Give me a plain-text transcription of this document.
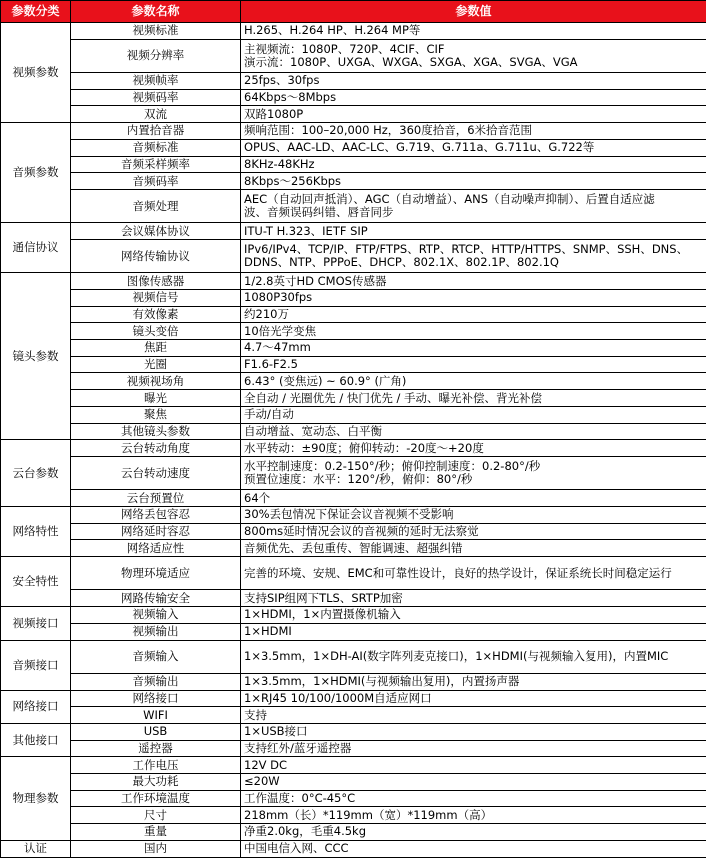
参数分类	参数名称	参数值
视频参数	视频标准	H.265、H.264 HP、H.264 MP等

	视频分辨率	主视频流：1080P、720P、4CIF、CIF
演示流：1080P、UXGA、WXGA、SXGA、XGA、SVGA、VGA

	视频帧率	25fps、30fps

	视频码率	64Kbps～8Mbps

	双流	双路1080P

音频参数	内置拾音器	频响范围：100–20,000 Hz，360度拾音，6米拾音范围

	音频标准	OPUS、AAC-LD、AAC-LC、G.719、G.711a、G.711u、G.722等

	音频采样频率	8KHz-48KHz

	音频码率	8Kbps～256Kbps

	音频处理	AEC（自动回声抵消）、AGC（自动增益）、ANS（自动噪声抑制）、后置自适应滤
波、音频误码纠错、唇音同步

通信协议	会议媒体协议	ITU-T H.323、IETF SIP

	网络传输协议	IPv6/IPv4、TCP/IP、FTP/FTPS、RTP、RTCP、HTTP/HTTPS、SNMP、SSH、DNS、
DDNS、NTP、PPPoE、DHCP、802.1X、802.1P、802.1Q

镜头参数	图像传感器	1/2.8英寸HD CMOS传感器

	视频信号	1080P30fps

	有效像素	约210万

	镜头变倍	10倍光学变焦

	焦距	4.7～47mm

	光圈	F1.6-F2.5

	视频视场角	6.43° (变焦远) ~ 60.9° (广角)

	曝光	全自动 / 光圈优先 / 快门优先 / 手动、曝光补偿、背光补偿

	聚焦	手动/自动

	其他镜头参数	自动增益、宽动态、白平衡

云台参数	云台转动角度	水平转动：±90度；俯仰转动：-20度～+20度

	云台转动速度	水平控制速度：0.2-150°/秒；俯仰控制速度：0.2-80°/秒
预置位速度：水平：120°/秒，俯仰：80°/秒

	云台预置位	64个

网络特性	网络丢包容忍	30%丢包情况下保证会议音视频不受影响

	网络延时容忍	800ms延时情况会议的音视频的延时无法察觉

	网络适应性	音频优先、丢包重传、智能调速、超强纠错

安全特性	物理环境适应	完善的环境、安规、EMC和可靠性设计，良好的热学设计，保证系统长时间稳定运行

	网路传输安全	支持SIP组网下TLS、SRTP加密

视频接口	视频输入	1×HDMI，1×内置摄像机输入

	视频输出	1×HDMI

音频接口	音频输入	1×3.5mm，1×DH-AI(数字阵列麦克接口)，1×HDMI(与视频输入复用)，内置MIC

	音频输出	1×3.5mm，1×HDMI(与视频输出复用)，内置扬声器

网络接口	网络接口	1×RJ45 10/100/1000M自适应网口

	WIFI	支持

其他接口	USB	1×USB接口

	遥控器	支持红外/蓝牙遥控器

物理参数	工作电压	12V DC

	最大功耗	≤20W

	工作环境温度	工作温度：0°C-45°C

	尺寸	218mm（长）*119mm（宽）*119mm（高）

	重量	净重2.0kg，毛重4.5kg

认证	国内	中国电信入网、CCC
